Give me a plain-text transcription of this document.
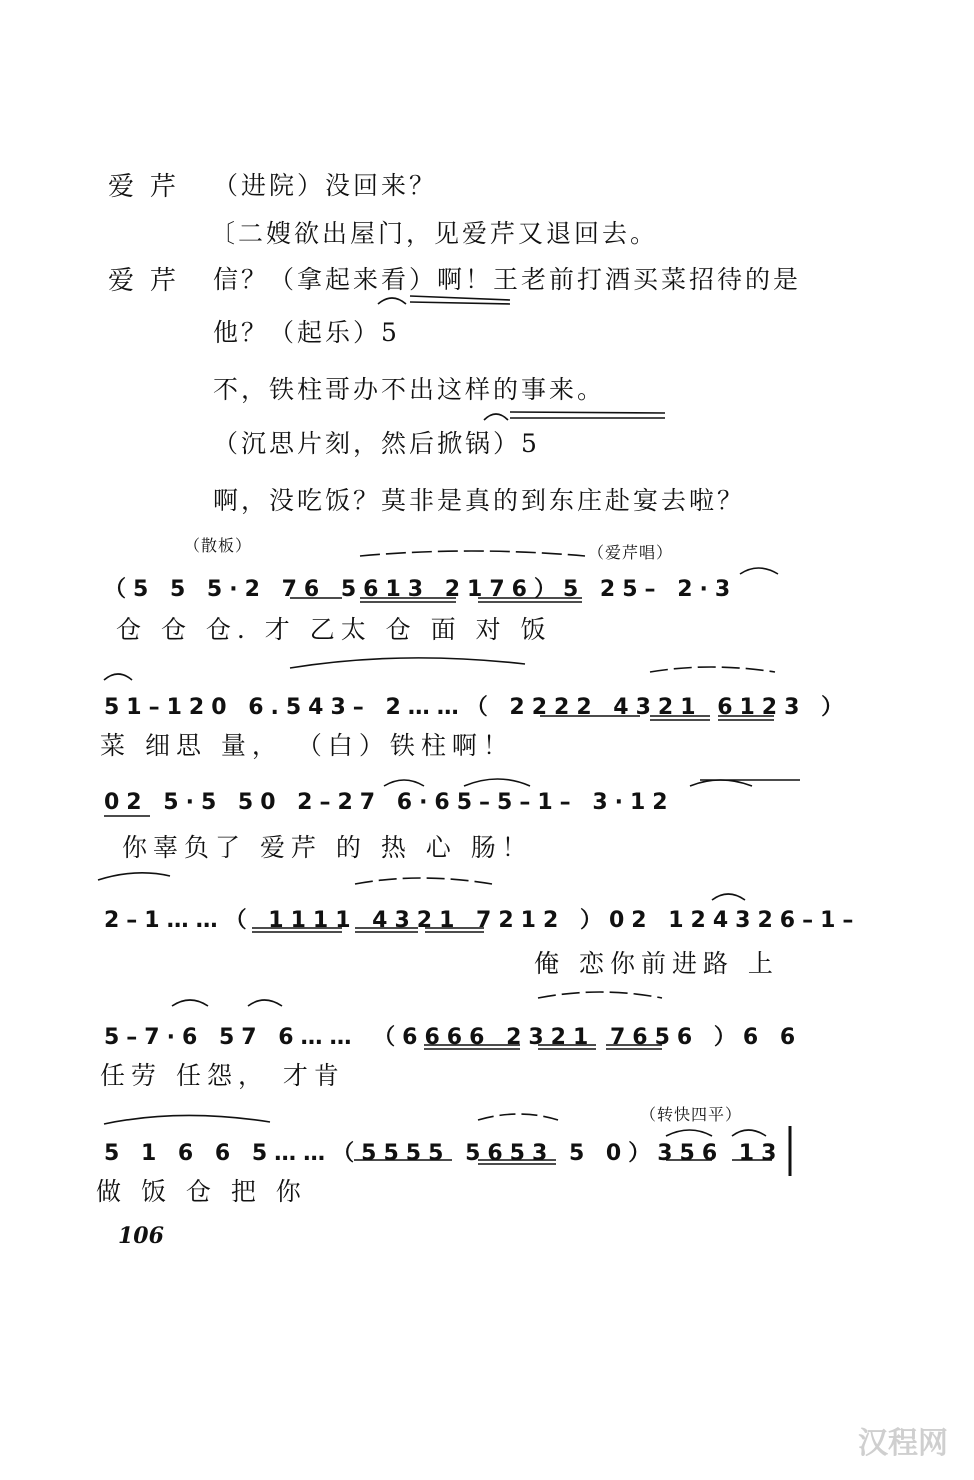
爱芹 （进院）没回来？
〔二嫂欲出屋门，见爱芹又退回去。
爱芹 信？（拿起来看）啊！王老前打酒买菜招待的是
他？（起乐）5
不，铁柱哥办不出这样的事来。
（沉思片刻，然后掀锅）5
啊，没吃饭？莫非是真的到东庄赴宴去啦？
（散板）	（爱芹唱）
（转快四平）
（5 5 5·2 76 5613 2176）5 25– 2·3
仓 仓 仓. 才 乙太 仓 面 对 饭
51–120 6.543– 2……（ 2222 4321 6123 ）
菜 细思 量， （白）铁柱啊！
02 5·5 50 2–27 6·65–5–1– 3·12
你辜负了 爱芹 的 热 心 肠！
2–1……（ 1111 4321 7212 ）02 124326–1–
俺 恋你前进路 上
5–7·6 57 6…… （6666 2321 7656 ）6 6
任劳 任怨， 才肯
5 1 6 6 5……（5555 5653 5 0）356 13
做 饭 仓 把 你
106
汉程网
